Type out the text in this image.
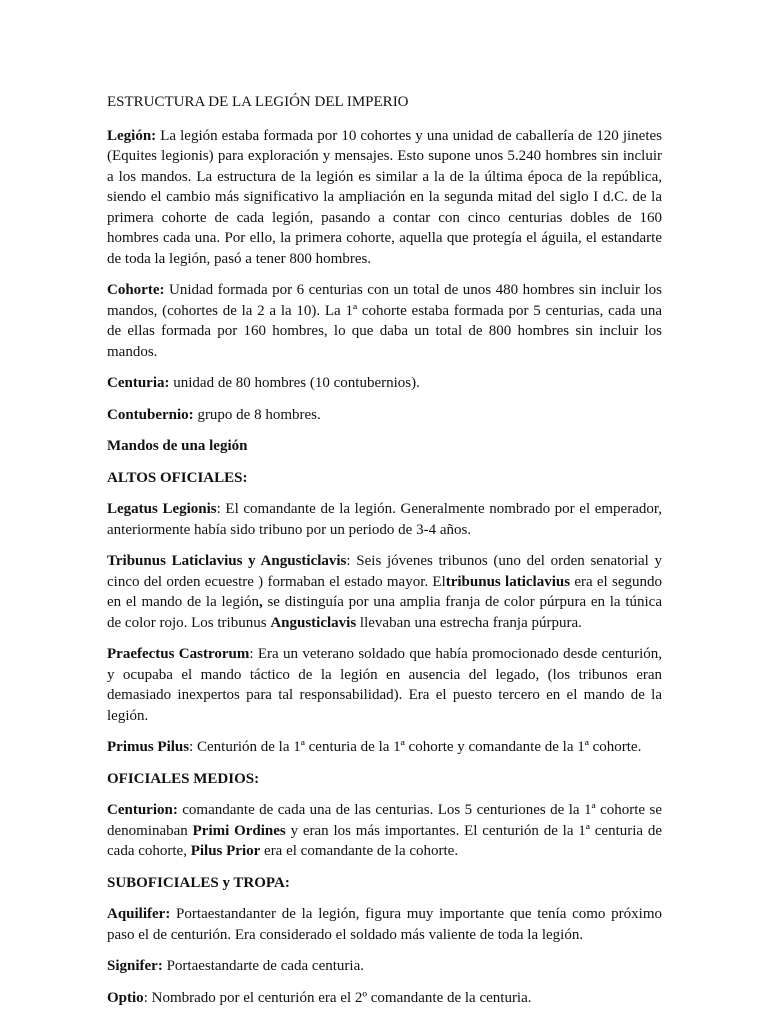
ESTRUCTURA DE LA LEGIÓN DEL IMPERIO

Legión: La legión estaba formada por 10 cohortes y una unidad de caballería de 120 jinetes (Equites legionis) para exploración y mensajes. Esto supone unos 5.240 hombres sin incluir a los mandos. La estructura de la legión es similar a la de la última época de la república, siendo el cambio más significativo la ampliación en la segunda mitad del siglo I d.C. de la primera cohorte de cada legión, pasando a contar con cinco centurias dobles de 160 hombres cada una. Por ello, la primera cohorte, aquella que protegía el águila, el estandarte de toda la legión, pasó a tener 800 hombres.

Cohorte: Unidad formada por 6 centurias con un total de unos 480 hombres sin incluir los mandos, (cohortes de la 2 a la 10). La 1ª cohorte estaba formada por 5 centurias, cada una de ellas formada por 160 hombres, lo que daba un total de 800 hombres sin incluir los mandos.

Centuria: unidad de 80 hombres (10 contubernios).

Contubernio: grupo de 8 hombres.

Mandos de una legión

ALTOS OFICIALES:

Legatus Legionis: El comandante de la legión. Generalmente nombrado por el emperador, anteriormente había sido tribuno por un periodo de 3-4 años.

Tribunus Laticlavius y Angusticlavis: Seis jóvenes tribunos (uno del orden senatorial y cinco del orden ecuestre ) formaban el estado mayor. Eltribunus laticlavius era el segundo en el mando de la legión, se distinguía por una amplia franja de color púrpura en la túnica de color rojo. Los tribunus Angusticlavis llevaban una estrecha franja púrpura.

Praefectus Castrorum: Era un veterano soldado que había promocionado desde centurión, y ocupaba el mando táctico de la legión en ausencia del legado, (los tribunos eran demasiado inexpertos para tal responsabilidad). Era el puesto tercero en el mando de la legión.

Primus Pilus: Centurión de la 1ª centuria de la 1ª cohorte y comandante de la 1ª cohorte.

OFICIALES MEDIOS:

Centurion: comandante de cada una de las centurias. Los 5 centuriones de la 1ª cohorte se denominaban Primi Ordines y eran los más importantes. El centurión de la 1ª centuria de cada cohorte, Pilus Prior era el comandante de la cohorte.

SUBOFICIALES y TROPA:

Aquilifer: Portaestandanter de la legión, figura muy importante que tenía como próximo paso el de centurión. Era considerado el soldado más valiente de toda la legión.

Signifer: Portaestandarte de cada centuria.

Optio: Nombrado por el centurión era el 2º comandante de la centuria.
